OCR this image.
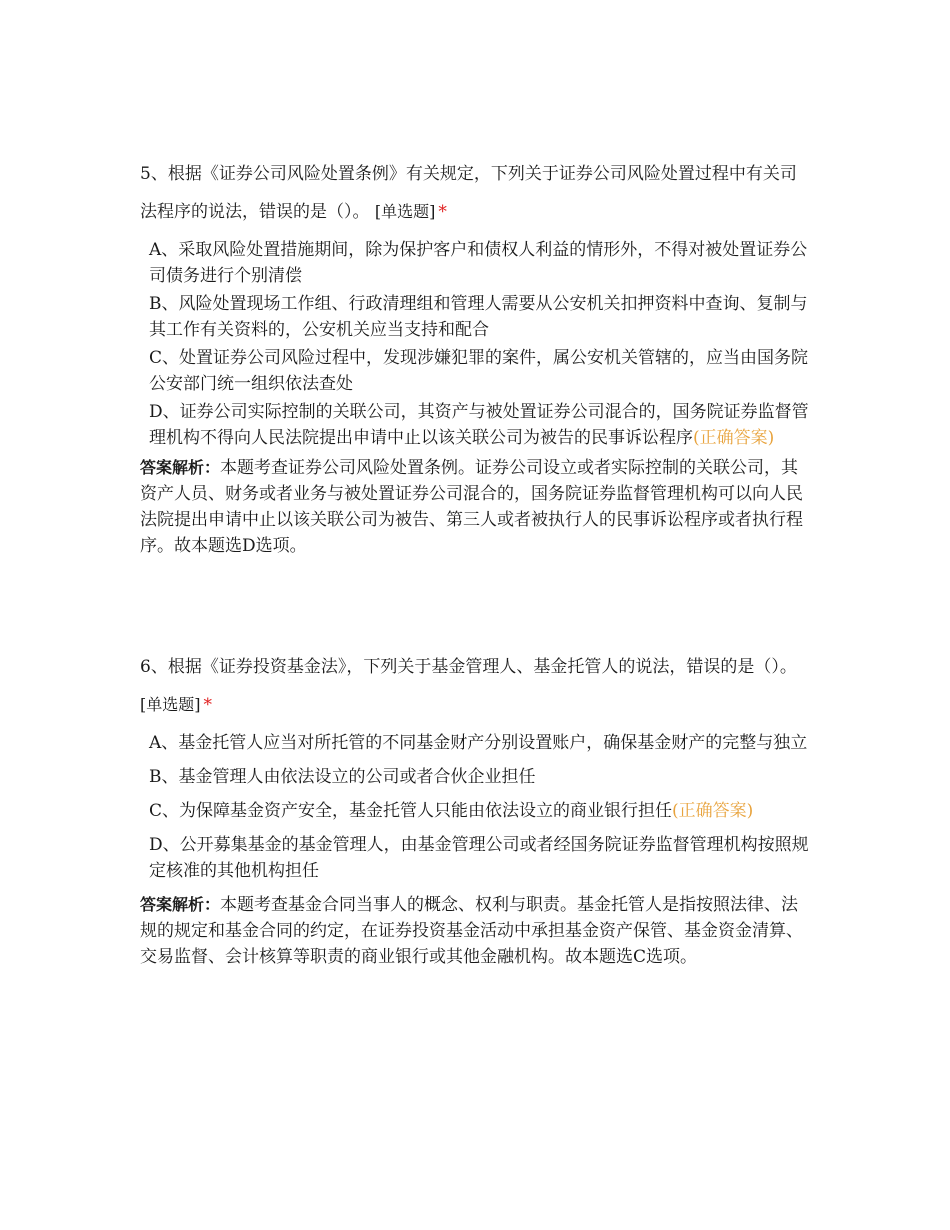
5、根据《证券公司风险处置条例》有关规定，下列关于证券公司风险处置过程中有关司法程序的说法，错误的是（）。 [单选题] *

A、采取风险处置措施期间，除为保护客户和债权人利益的情形外，不得对被处置证券公司债务进行个别清偿
B、风险处置现场工作组、行政清理组和管理人需要从公安机关扣押资料中查询、复制与其工作有关资料的，公安机关应当支持和配合
C、处置证券公司风险过程中，发现涉嫌犯罪的案件，属公安机关管辖的，应当由国务院公安部门统一组织依法查处
D、证券公司实际控制的关联公司，其资产与被处置证券公司混合的，国务院证券监督管理机构不得向人民法院提出申请中止以该关联公司为被告的民事诉讼程序(正确答案)

答案解析：本题考查证券公司风险处置条例。证券公司设立或者实际控制的关联公司，其资产人员、财务或者业务与被处置证券公司混合的，国务院证券监督管理机构可以向人民法院提出申请中止以该关联公司为被告、第三人或者被执行人的民事诉讼程序或者执行程序。故本题选D选项。

6、根据《证券投资基金法》，下列关于基金管理人、基金托管人的说法，错误的是（）。 [单选题] *

A、基金托管人应当对所托管的不同基金财产分别设置账户，确保基金财产的完整与独立
B、基金管理人由依法设立的公司或者合伙企业担任
C、为保障基金资产安全，基金托管人只能由依法设立的商业银行担任(正确答案)
D、公开募集基金的基金管理人，由基金管理公司或者经国务院证券监督管理机构按照规定核准的其他机构担任

答案解析：本题考查基金合同当事人的概念、权利与职责。基金托管人是指按照法律、法规的规定和基金合同的约定，在证券投资基金活动中承担基金资产保管、基金资金清算、交易监督、会计核算等职责的商业银行或其他金融机构。故本题选C选项。
